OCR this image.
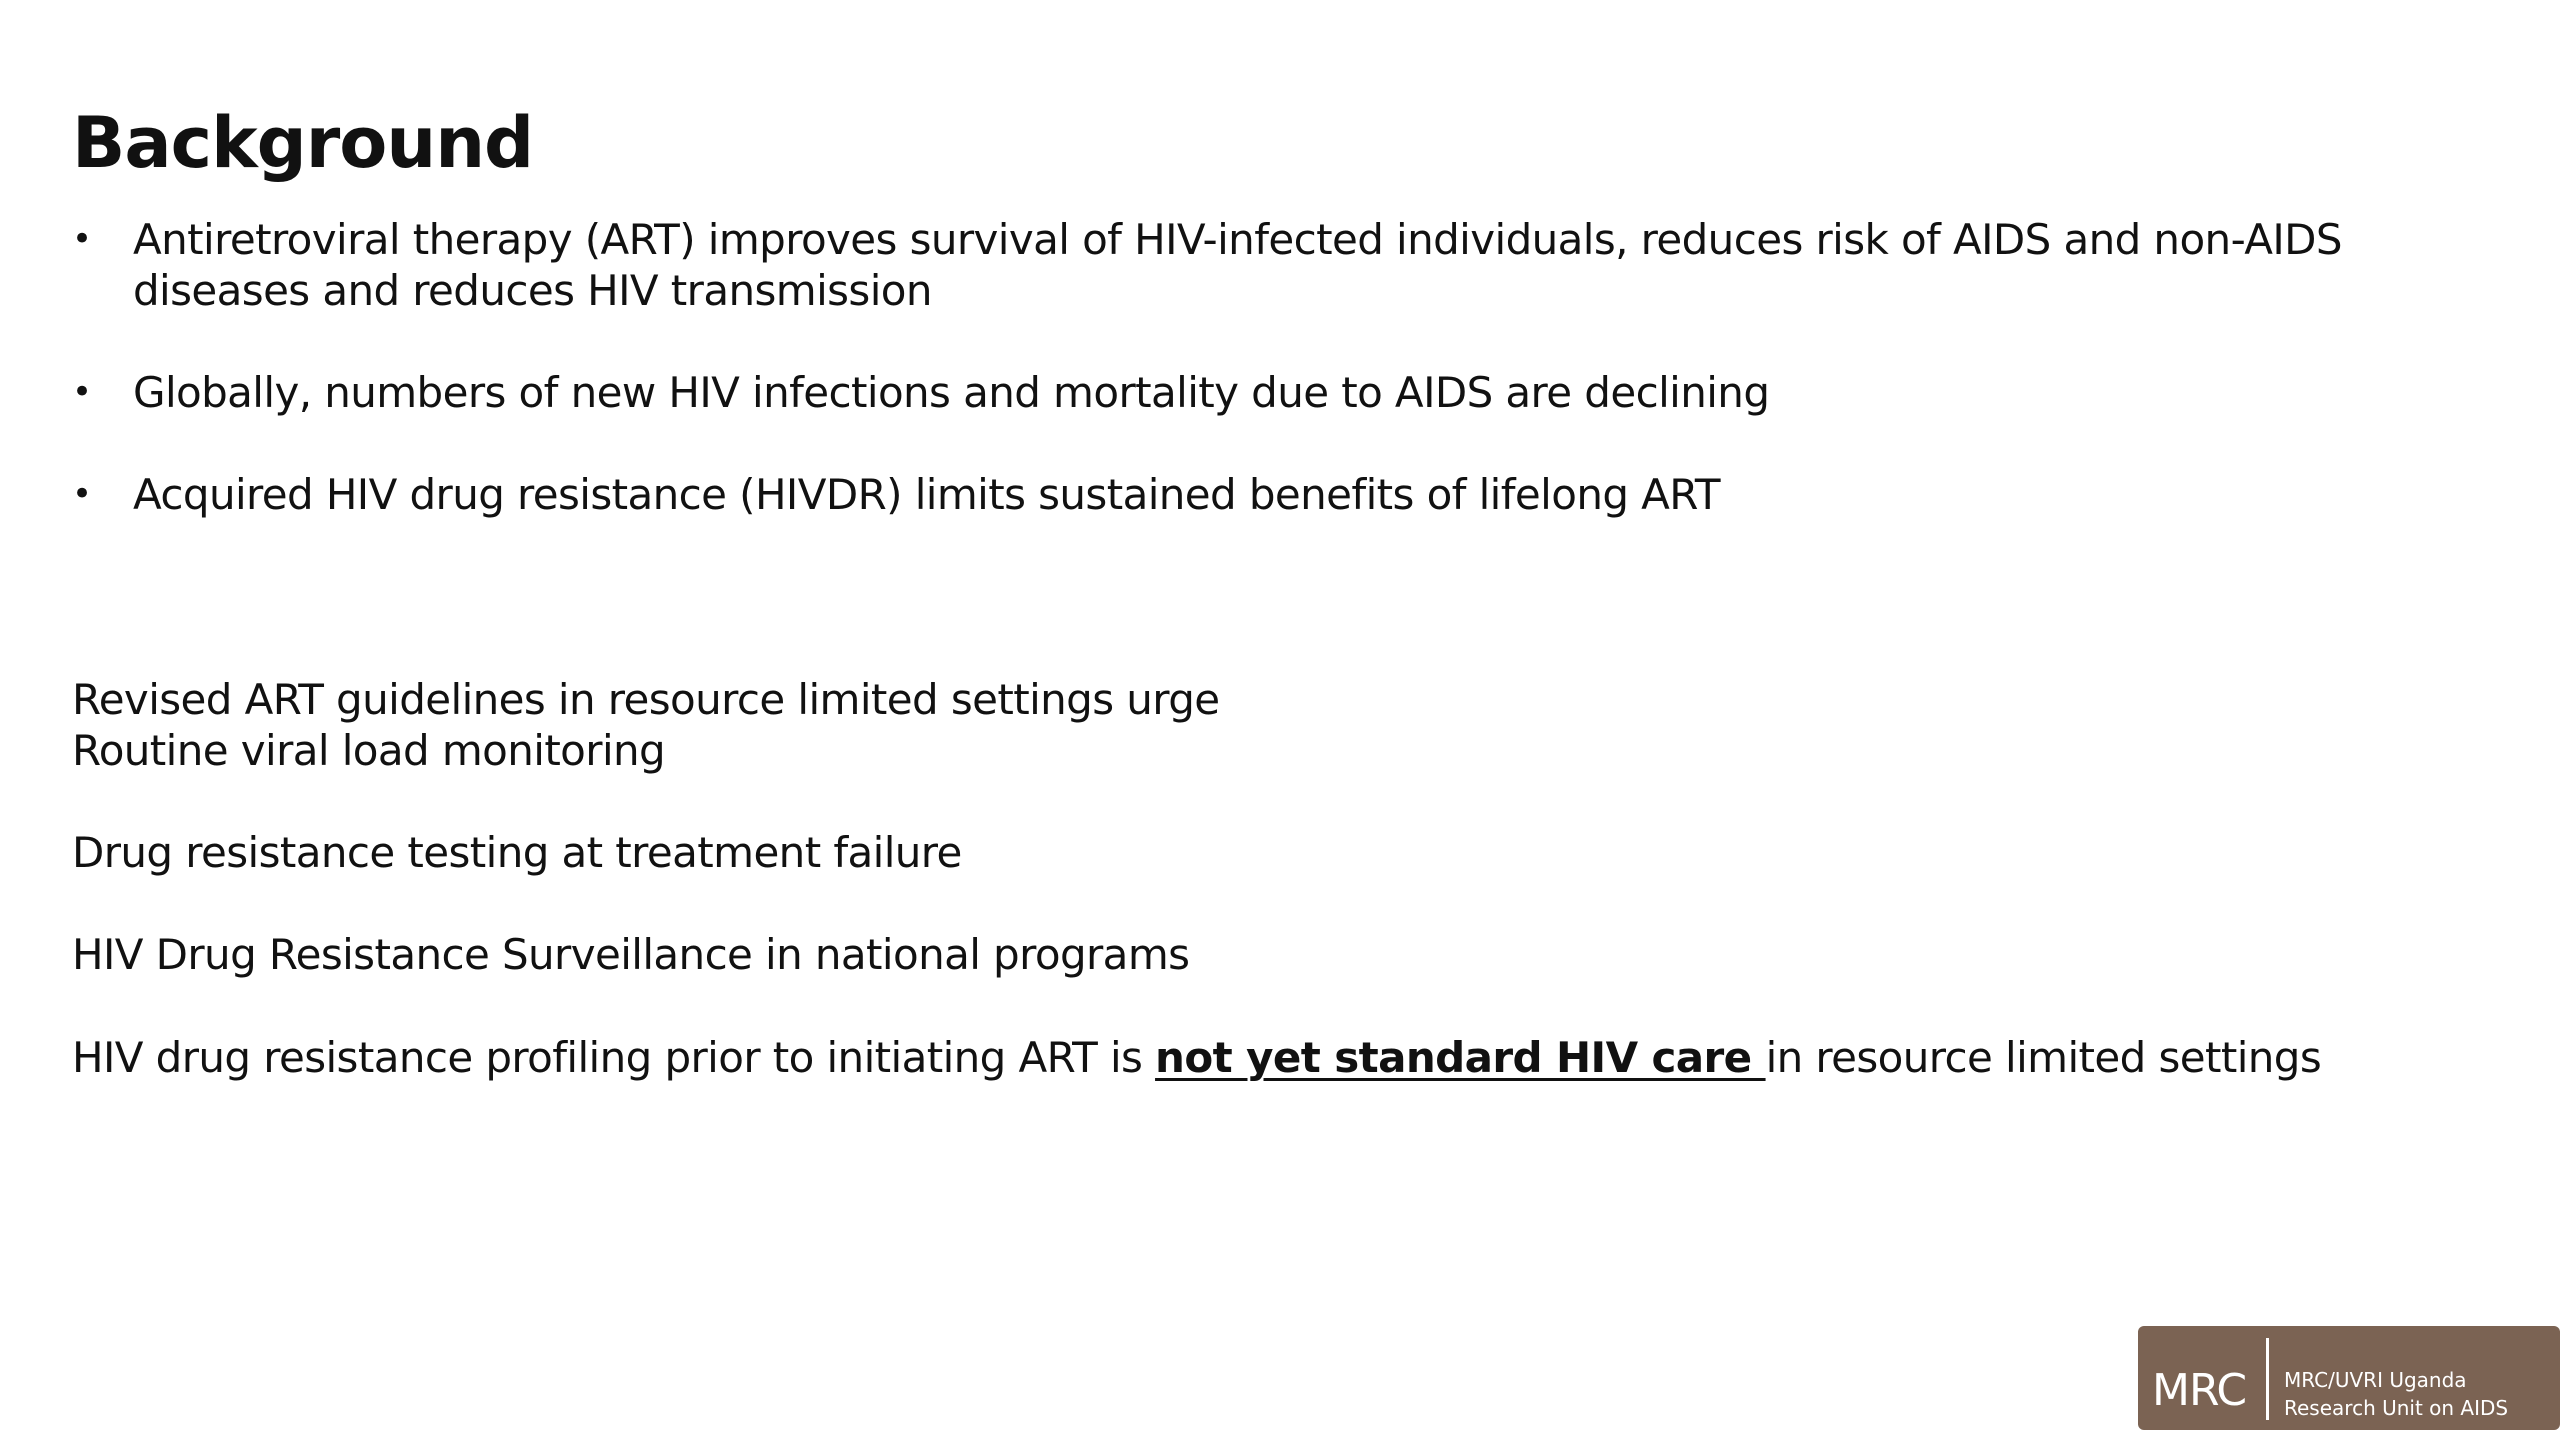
Background
• Antiretroviral therapy (ART) improves survival of HIV-infected individuals, reduces risk of AIDS and non-AIDS diseases and reduces HIV transmission
• Globally, numbers of new HIV infections and mortality due to AIDS are declining
• Acquired HIV drug resistance (HIVDR) limits sustained benefits of lifelong ART

Revised ART guidelines in resource limited settings urge
Routine viral load monitoring

Drug resistance testing at treatment failure

HIV Drug Resistance Surveillance in national programs

HIV drug resistance profiling prior to initiating ART is not yet standard HIV care in resource limited settings

MRC MRC/UVRI Uganda
Research Unit on AIDS
